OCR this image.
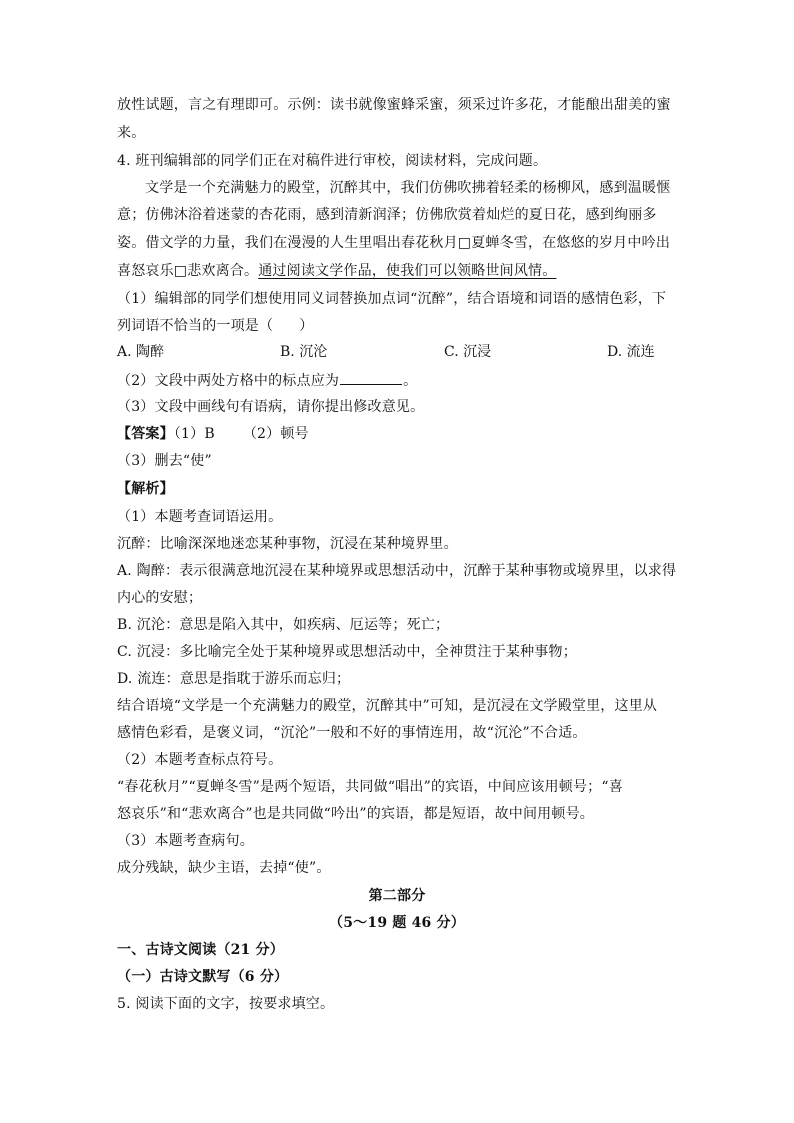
放性试题，言之有理即可。示例：读书就像蜜蜂采蜜，须采过许多花，才能酿出甜美的蜜
来。
4. 班刊编辑部的同学们正在对稿件进行审校，阅读材料，完成问题。
文学是一个充满魅力的殿堂，沉醉其中，我们仿佛吹拂着轻柔的杨柳风，感到温暖惬
意；仿佛沐浴着迷蒙的杏花雨，感到清新润泽；仿佛欣赏着灿烂的夏日花，感到绚丽多
姿。借文学的力量，我们在漫漫的人生里唱出春花秋月□夏蝉冬雪，在悠悠的岁月中吟出
喜怒哀乐□悲欢离合。通过阅读文学作品，使我们可以领略世间风情。
（1）编辑部的同学们想使用同义词替换加点词“沉醉”，结合语境和词语的感情色彩，下
列词语不恰当的一项是（ ）
A. 陶醉	B. 沉沦	C. 沉浸	D. 流连
（2）文段中两处方格中的标点应为	。
（3）文段中画线句有语病，请你提出修改意见。
【答案】（1）B （2）顿号
（3）删去“使”
【解析】
（1）本题考查词语运用。
沉醉：比喻深深地迷恋某种事物，沉浸在某种境界里。
A. 陶醉：表示很满意地沉浸在某种境界或思想活动中，沉醉于某种事物或境界里，以求得
内心的安慰；
B. 沉沦：意思是陷入其中，如疾病、厄运等；死亡；
C. 沉浸：多比喻完全处于某种境界或思想活动中，全神贯注于某种事物；
D. 流连：意思是指耽于游乐而忘归；
结合语境“文学是一个充满魅力的殿堂，沉醉其中”可知，是沉浸在文学殿堂里，这里从
感情色彩看，是褒义词，“沉沦”一般和不好的事情连用，故“沉沦”不合适。
（2）本题考查标点符号。
“春花秋月”“夏蝉冬雪”是两个短语，共同做“唱出”的宾语，中间应该用顿号；“喜
怒哀乐”和“悲欢离合”也是共同做“吟出”的宾语，都是短语，故中间用顿号。
（3）本题考查病句。
成分残缺，缺少主语，去掉“使”。
第二部分
（5～19 题 46 分）
一、古诗文阅读（21 分）
（一）古诗文默写（6 分）
5. 阅读下面的文字，按要求填空。
